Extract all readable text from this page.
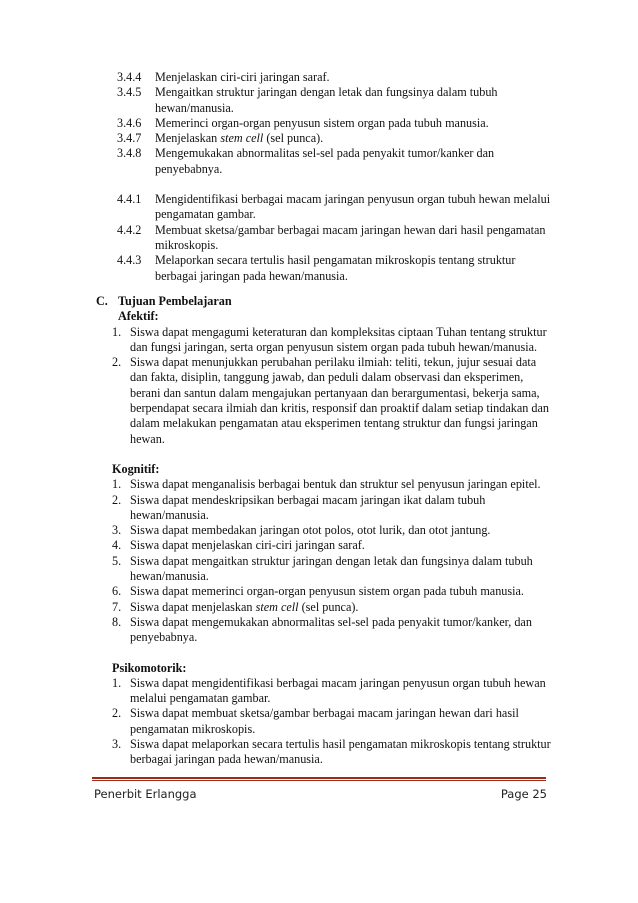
3.4.4 Menjelaskan ciri-ciri jaringan saraf.
3.4.5 Mengaitkan struktur jaringan dengan letak dan fungsinya dalam tubuh hewan/manusia.
3.4.6 Memerinci organ-organ penyusun sistem organ pada tubuh manusia.
3.4.7 Menjelaskan stem cell (sel punca).
3.4.8 Mengemukakan abnormalitas sel-sel pada penyakit tumor/kanker dan penyebabnya.
4.4.1 Mengidentifikasi berbagai macam jaringan penyusun organ tubuh hewan melalui pengamatan gambar.
4.4.2 Membuat sketsa/gambar berbagai macam jaringan hewan dari hasil pengamatan mikroskopis.
4.4.3 Melaporkan secara tertulis hasil pengamatan mikroskopis tentang struktur berbagai jaringan pada hewan/manusia.
C. Tujuan Pembelajaran
Afektif:
1. Siswa dapat mengagumi keteraturan dan kompleksitas ciptaan Tuhan tentang struktur dan fungsi jaringan, serta organ penyusun sistem organ pada tubuh hewan/manusia.
2. Siswa dapat menunjukkan perubahan perilaku ilmiah: teliti, tekun, jujur sesuai data dan fakta, disiplin, tanggung jawab, dan peduli dalam observasi dan eksperimen, berani dan santun dalam mengajukan pertanyaan dan berargumentasi, bekerja sama, berpendapat secara ilmiah dan kritis, responsif dan proaktif dalam setiap tindakan dan dalam melakukan pengamatan atau eksperimen tentang struktur dan fungsi jaringan hewan.
Kognitif:
1. Siswa dapat menganalisis berbagai bentuk dan struktur sel penyusun jaringan epitel.
2. Siswa dapat mendeskripsikan berbagai macam jaringan ikat dalam tubuh hewan/manusia.
3. Siswa dapat membedakan jaringan otot polos, otot lurik, dan otot jantung.
4. Siswa dapat menjelaskan ciri-ciri jaringan saraf.
5. Siswa dapat mengaitkan struktur jaringan dengan letak dan fungsinya dalam tubuh hewan/manusia.
6. Siswa dapat memerinci organ-organ penyusun sistem organ pada tubuh manusia.
7. Siswa dapat menjelaskan stem cell (sel punca).
8. Siswa dapat mengemukakan abnormalitas sel-sel pada penyakit tumor/kanker, dan penyebabnya.
Psikomotorik:
1. Siswa dapat mengidentifikasi berbagai macam jaringan penyusun organ tubuh hewan melalui pengamatan gambar.
2. Siswa dapat membuat sketsa/gambar berbagai macam jaringan hewan dari hasil pengamatan mikroskopis.
3. Siswa dapat melaporkan secara tertulis hasil pengamatan mikroskopis tentang struktur berbagai jaringan pada hewan/manusia.
Penerbit Erlangga	Page 25
